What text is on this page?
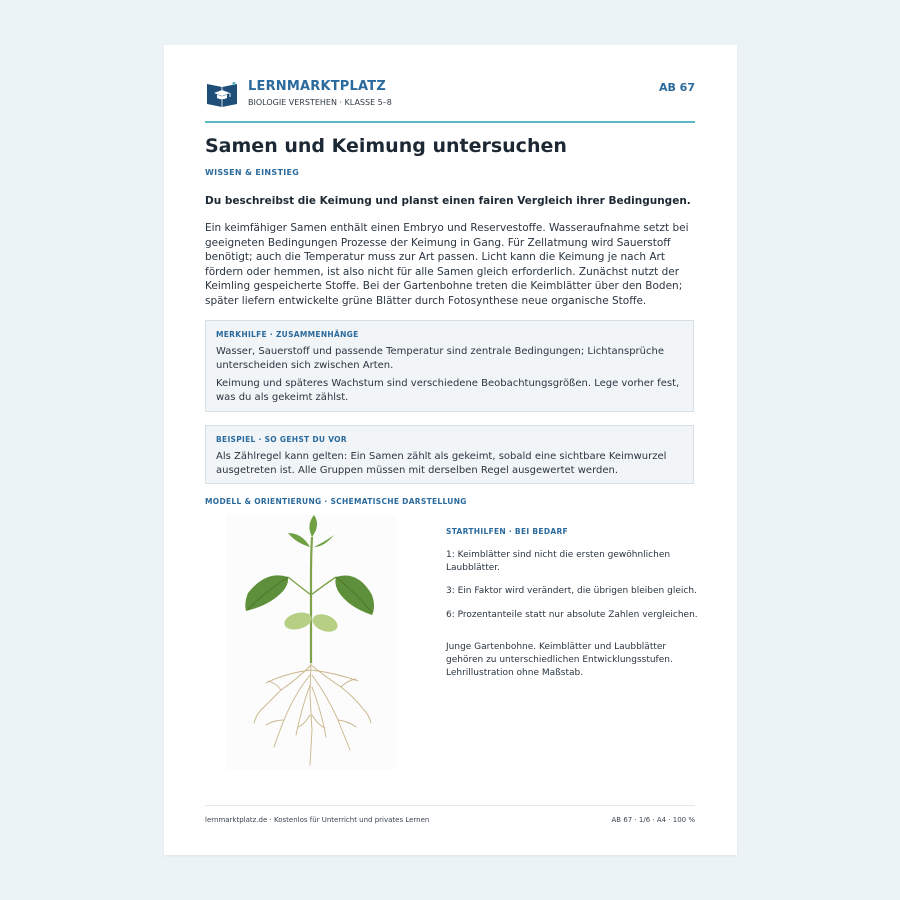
LERNMARKTPLATZ
BIOLOGIE VERSTEHEN · KLASSE 5–8
AB 67
Samen und Keimung untersuchen
WISSEN & EINSTIEG
Du beschreibst die Keimung und planst einen fairen Vergleich ihrer Bedingungen.
Ein keimfähiger Samen enthält einen Embryo und Reservestoffe. Wasseraufnahme setzt bei geeigneten Bedingungen Prozesse der Keimung in Gang. Für Zellatmung wird Sauerstoff benötigt; auch die Temperatur muss zur Art passen. Licht kann die Keimung je nach Art fördern oder hemmen, ist also nicht für alle Samen gleich erforderlich. Zunächst nutzt der Keimling gespeicherte Stoffe. Bei der Gartenbohne treten die Keimblätter über den Boden; später liefern entwickelte grüne Blätter durch Fotosynthese neue organische Stoffe.
MERKHILFE · ZUSAMMENHÄNGE

Wasser, Sauerstoff und passende Temperatur sind zentrale Bedingungen; Lichtansprüche unterscheiden sich zwischen Arten.

Keimung und späteres Wachstum sind verschiedene Beobachtungsgrößen. Lege vorher fest, was du als gekeimt zählst.

BEISPIEL · SO GEHST DU VOR

Als Zählregel kann gelten: Ein Samen zählt als gekeimt, sobald eine sichtbare Keimwurzel ausgetreten ist. Alle Gruppen müssen mit derselben Regel ausgewertet werden.

MODELL & ORIENTIERUNG · SCHEMATISCHE DARSTELLUNG
STARTHILFEN · BEI BEDARF
1: Keimblätter sind nicht die ersten gewöhnlichen Laubblätter.
3: Ein Faktor wird verändert, die übrigen bleiben gleich.
6: Prozentanteile statt nur absolute Zahlen vergleichen.
Junge Gartenbohne. Keimblätter und Laubblätter gehören zu unterschiedlichen Entwicklungsstufen. Lehrillustration ohne Maßstab.
lernmarktplatz.de · Kostenlos für Unterricht und privates Lernen	AB 67 · 1/6 · A4 · 100 %
